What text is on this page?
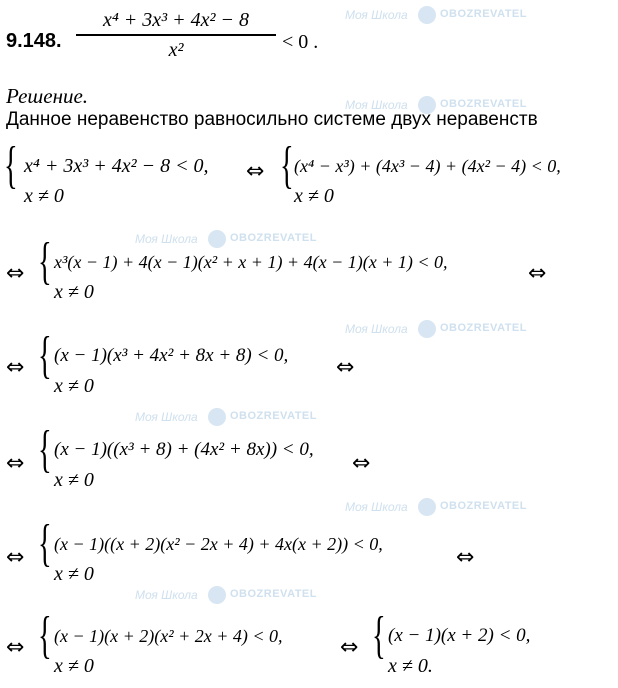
Моя Школа	OBOZREVATEL
Моя Школа	OBOZREVATEL
Моя Школа	OBOZREVATEL
Моя Школа	OBOZREVATEL
Моя Школа	OBOZREVATEL
Моя Школа	OBOZREVATEL
Моя Школа	OBOZREVATEL
9.148.
x⁴ + 3x³ + 4x² − 8
x²	< 0 .
Решение.
Данное неравенство равносильно системе двух неравенств
{ x⁴ + 3x³ + 4x² − 8 < 0,
x ≠ 0
⇔ { (x⁴ − x³) + (4x³ − 4) + (4x² − 4) < 0,
x ≠ 0
⇔ { x³(x − 1) + 4(x − 1)(x² + x + 1) + 4(x − 1)(x + 1) < 0,
x ≠ 0
⇔
⇔ { (x − 1)(x³ + 4x² + 8x + 8) < 0,
x ≠ 0
⇔
⇔ { (x − 1)((x³ + 8) + (4x² + 8x)) < 0,
x ≠ 0
⇔
⇔ { (x − 1)((x + 2)(x² − 2x + 4) + 4x(x + 2)) < 0,
x ≠ 0
⇔
⇔ { (x − 1)(x + 2)(x² + 2x + 4) < 0,
x ≠ 0
⇔ { (x − 1)(x + 2) < 0,
x ≠ 0.
